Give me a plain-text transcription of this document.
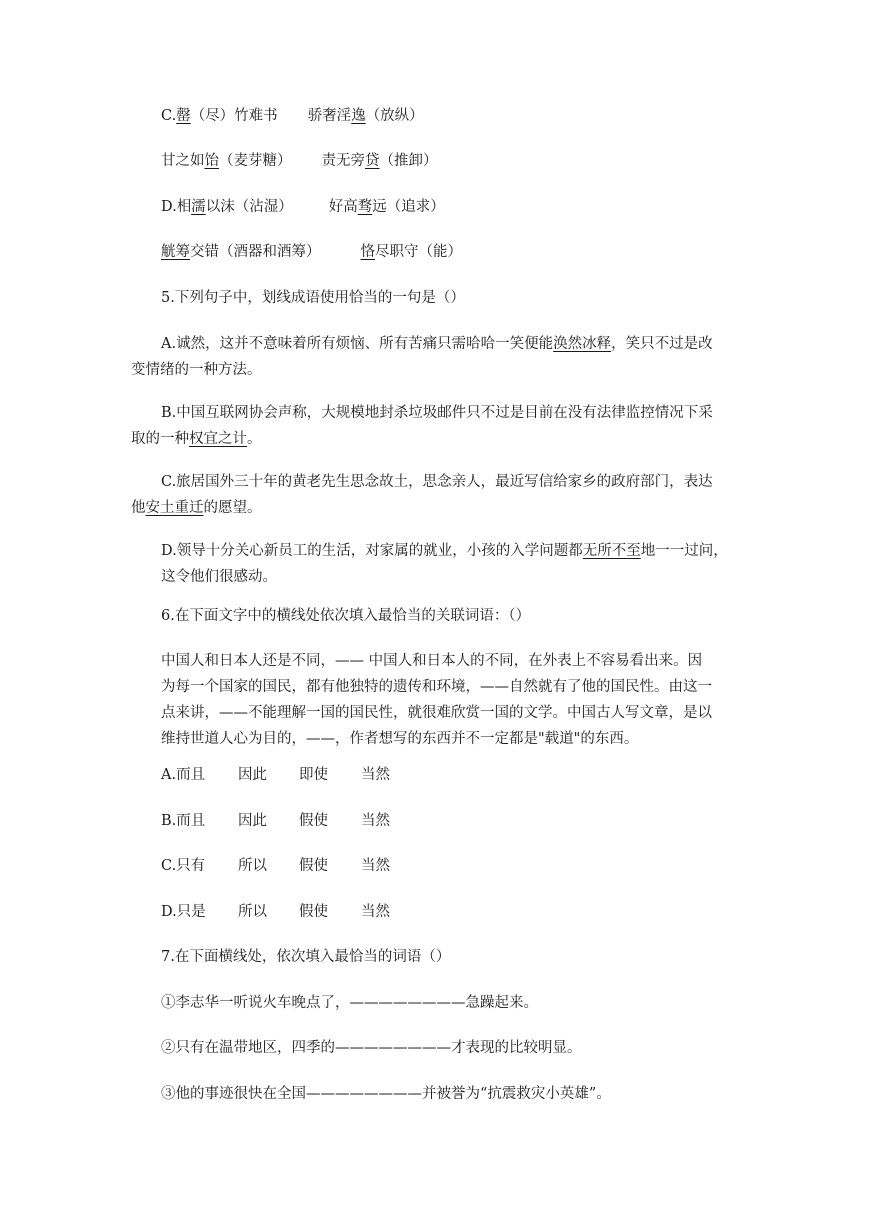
C.罄（尽）竹难书 骄奢淫逸（放纵）
甘之如饴（麦芽糖） 责无旁贷（推卸）
D.相濡以沫（沾湿） 好高骛远（追求）
觥筹交错（酒器和酒筹）	恪尽职守（能）
5.下列句子中，划线成语使用恰当的一句是（）
A.诚然，这并不意味着所有烦恼、所有苦痛只需哈哈一笑便能涣然冰释，笑只不过是改
变情绪的一种方法。
B.中国互联网协会声称，大规模地封杀垃圾邮件只不过是目前在没有法律监控情况下采
取的一种权宜之计。
C.旅居国外三十年的黄老先生思念故土，思念亲人，最近写信给家乡的政府部门，表达
他安土重迁的愿望。
D.领导十分关心新员工的生活，对家属的就业，小孩的入学问题都无所不至地一一过问，
这令他们很感动。
6.在下面文字中的横线处依次填入最恰当的关联词语：（）
中国人和日本人还是不同，—— 中国人和日本人的不同，在外表上不容易看出来。因
为每一个国家的国民，都有他独特的遗传和环境，——自然就有了他的国民性。由这一
点来讲，——不能理解一国的国民性，就很难欣赏一国的文学。中国古人写文章，是以
维持世道人心为目的，——，作者想写的东西并不一定都是"载道"的东西。
A.而且 因此 即使 当然
B.而且 因此 假使 当然
C.只有 所以 假使 当然
D.只是 所以 假使 当然
7.在下面横线处，依次填入最恰当的词语（）
①李志华一听说火车晚点了，————————急躁起来。
②只有在温带地区，四季的————————才表现的比较明显。
③他的事迹很快在全国————————并被誉为“抗震救灾小英雄”。
